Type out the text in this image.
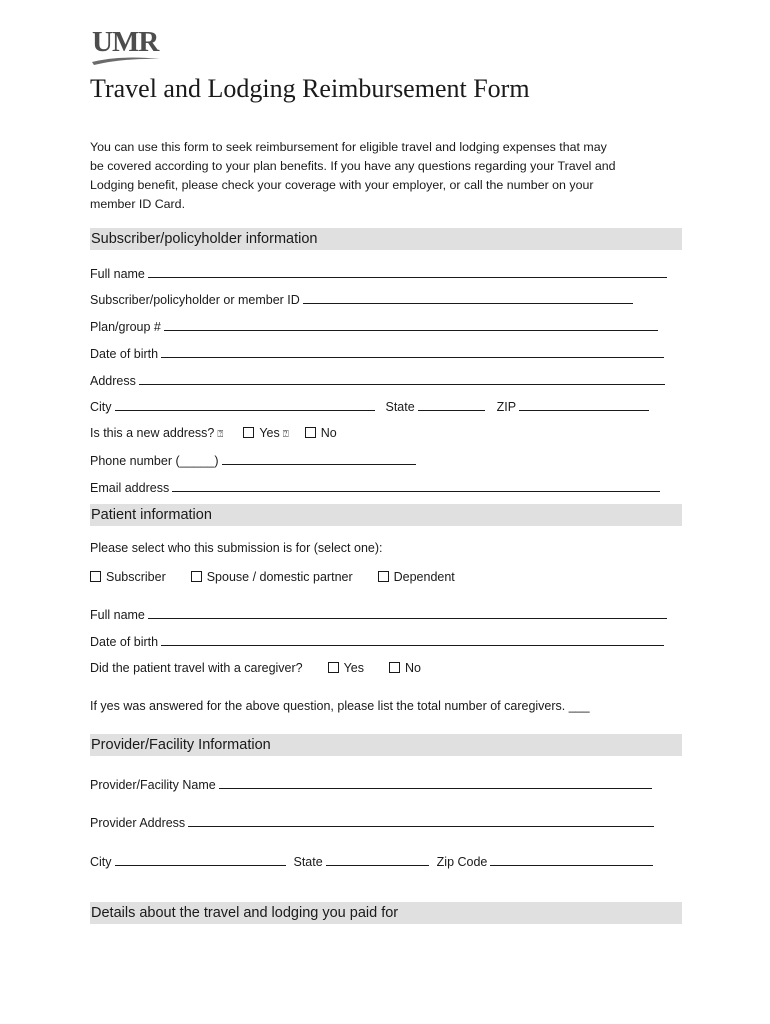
UMR
Travel and Lodging Reimbursement Form
You can use this form to seek reimbursement for eligible travel and lodging expenses that may
be covered according to your plan benefits. If you have any questions regarding your Travel and
Lodging benefit, please check your coverage with your employer, or call the number on your
member ID Card.
Subscriber/policyholder information
Full name
Subscriber/policyholder or member ID
Plan/group #
Date of birth
Address
City	State	ZIP
Is this a new address? ⍰	Yes ⍰	No
Phone number (_____)
Email address
Patient information
Please select who this submission is for (select one):
Subscriber	Spouse / domestic partner	Dependent
Full name
Date of birth
Did the patient travel with a caregiver?	Yes	No
If yes was answered for the above question, please list the total number of caregivers. ___
Provider/Facility Information
Provider/Facility Name
Provider Address
City	State	Zip Code
Details about the travel and lodging you paid for
